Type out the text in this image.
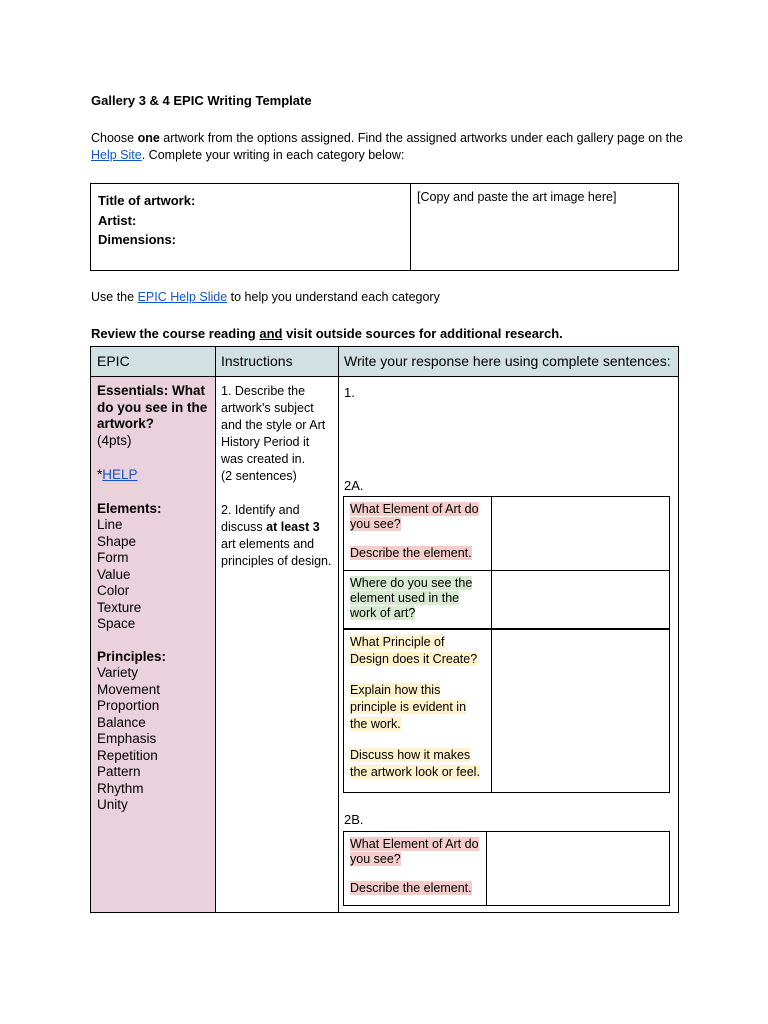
Gallery 3 & 4 EPIC Writing Template
Choose one artwork from the options assigned. Find the assigned artworks under each gallery page on the Help Site. Complete your writing in each category below:
Title of artwork:
Artist:
Dimensions:
[Copy and paste the art image here]
Use the EPIC Help Slide to help you understand each category
Review the course reading and visit outside sources for additional research.
EPIC	Instructions	Write your response here using complete sentences:
Essentials: What do you see in the artwork?
(4pts)
*HELP
Elements:
Line
Shape
Form
Value
Color
Texture
Space
Principles:
Variety
Movement
Proportion
Balance
Emphasis
Repetition
Pattern
Rhythm
Unity
1. Describe the artwork's subject and the style or Art History Period it was created in.
(2 sentences)
2. Identify and discuss at least 3 art elements and principles of design.
1.
2A.
What Element of Art do you see?
Describe the element.
Where do you see the element used in the work of art?
What Principle of Design does it Create?
Explain how this principle is evident in the work.
Discuss how it makes the artwork look or feel.
2B.
What Element of Art do you see?
Describe the element.
